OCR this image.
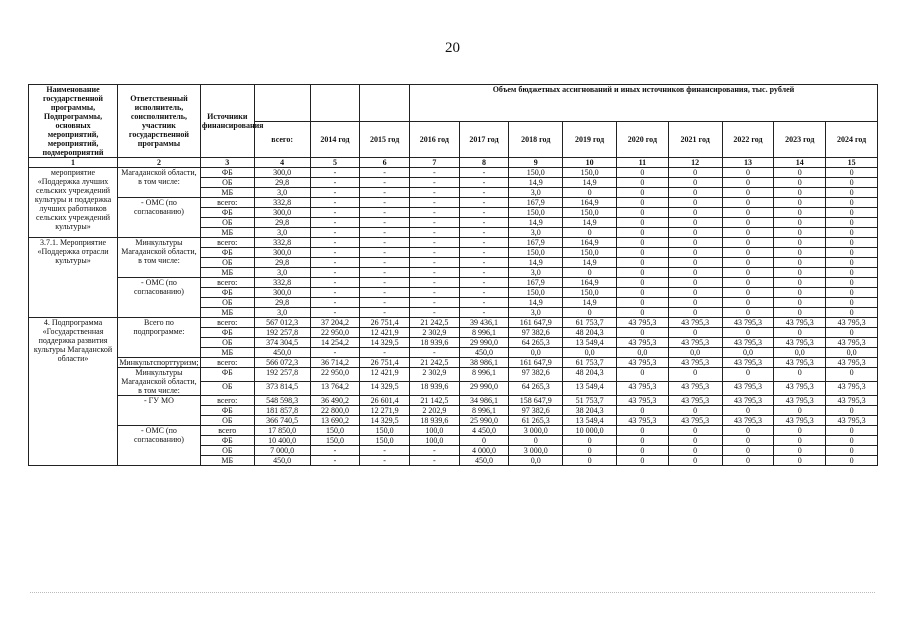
20
Наименование государственной программы, Подпрограммы, основных мероприятий, мероприятий, подмероприятий	Ответственный исполнитель, соисполнитель, участник государственной программы	Источники финансирования				Объем бюджетных ассигнований и иных источников финансирования, тыс. рублей								
			всего:	2014 год	2015 год	2016 год	2017 год	2018 год	2019 год	2020 год	2021 год	2022 год	2023 год	2024 год
1	2	3	4	5	6	7	8	9	10	11	12	13	14	15
мероприятие «Поддержка лучших сельских учреждений культуры и поддержка лучших работников сельских учреждений культуры»	Магаданской области, в том числе:	ФБ	300,0	-	-	-	-	150,0	150,0	0	0	0	0	0
		ОБ	29,8	-	-	-	-	14,9	14,9	0	0	0	0	0
		МБ	3,0	-	-	-	-	3,0	0	0	0	0	0	0
	- ОМС (по согласованию)	всего:	332,8	-	-	-	-	167,9	164,9	0	0	0	0	0
		ФБ	300,0	-	-	-	-	150,0	150,0	0	0	0	0	0
		ОБ	29,8	-	-	-	-	14,9	14,9	0	0	0	0	0
		МБ	3,0	-	-	-	-	3,0	0	0	0	0	0	0
3.7.1. Мероприятие «Поддержка отрасли культуры»	Минкультуры Магаданской области, в том числе:	всего:	332,8	-	-	-	-	167,9	164,9	0	0	0	0	0
		ФБ	300,0	-	-	-	-	150,0	150,0	0	0	0	0	0
		ОБ	29,8	-	-	-	-	14,9	14,9	0	0	0	0	0
		МБ	3,0	-	-	-	-	3,0	0	0	0	0	0	0
	- ОМС (по согласованию)	всего:	332,8	-	-	-	-	167,9	164,9	0	0	0	0	0
		ФБ	300,0	-	-	-	-	150,0	150,0	0	0	0	0	0
		ОБ	29,8	-	-	-	-	14,9	14,9	0	0	0	0	0
		МБ	3,0	-	-	-	-	3,0	0	0	0	0	0	0
4. Подпрограмма «Государственная поддержка развития культуры Магаданской области»	Всего по подпрограмме:	всего:	567 012,3	37 204,2	26 751,4	21 242,5	39 436,1	161 647,9	61 753,7	43 795,3	43 795,3	43 795,3	43 795,3	43 795,3
		ФБ	192 257,8	22 950,0	12 421,9	2 302,9	8 996,1	97 382,6	48 204,3	0	0	0	0	0
		ОБ	374 304,5	14 254,2	14 329,5	18 939,6	29 990,0	64 265,3	13 549,4	43 795,3	43 795,3	43 795,3	43 795,3	43 795,3
		МБ	450,0	-	-	-	450,0	0,0	0,0	0,0	0,0	0,0	0,0	0,0
	Минкультспорттуризм;	всего:	566 072,3	36 714,2	26 751,4	21 242,5	38 986,1	161 647,9	61 753,7	43 795,3	43 795,3	43 795,3	43 795,3	43 795,3
	Минкультуры Магаданской области, в том числе:	ФБ	192 257,8	22 950,0	12 421,9	2 302,9	8 996,1	97 382,6	48 204,3	0	0	0	0	0
		ОБ	373 814,5	13 764,2	14 329,5	18 939,6	29 990,0	64 265,3	13 549,4	43 795,3	43 795,3	43 795,3	43 795,3	43 795,3
	- ГУ МО	всего:	548 598,3	36 490,2	26 601,4	21 142,5	34 986,1	158 647,9	51 753,7	43 795,3	43 795,3	43 795,3	43 795,3	43 795,3
		ФБ	181 857,8	22 800,0	12 271,9	2 202,9	8 996,1	97 382,6	38 204,3	0	0	0	0	0
		ОБ	366 740,5	13 690,2	14 329,5	18 939,6	25 990,0	61 265,3	13 549,4	43 795,3	43 795,3	43 795,3	43 795,3	43 795,3
	- ОМС (по согласованию)	всего	17 850,0	150,0	150,0	100,0	4 450,0	3 000,0	10 000,0	0	0	0	0	0
		ФБ	10 400,0	150,0	150,0	100,0	0	0	0	0	0	0	0	0
		ОБ	7 000,0	-	-	-	4 000,0	3 000,0	0	0	0	0	0	0
		МБ	450,0	-	-	-	450,0	0,0	0	0	0	0	0	0
